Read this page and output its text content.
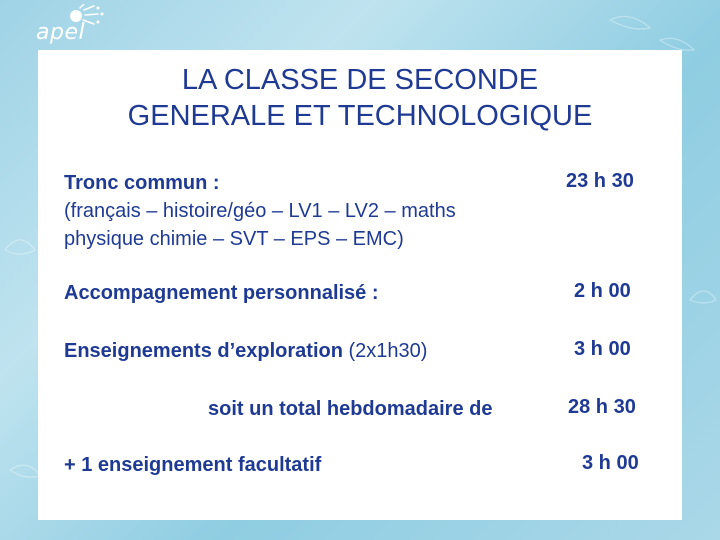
apel
LA CLASSE DE SECONDE
GENERALE ET TECHNOLOGIQUE
Tronc commun :
(français – histoire/géo – LV1 – LV2 – maths
physique chimie – SVT – EPS – EMC)
23 h 30
Accompagnement personnalisé :	2 h 00
Enseignements d’exploration (2x1h30)	3 h 00
soit un total hebdomadaire de	28 h 30
+ 1 enseignement facultatif	3 h 00
